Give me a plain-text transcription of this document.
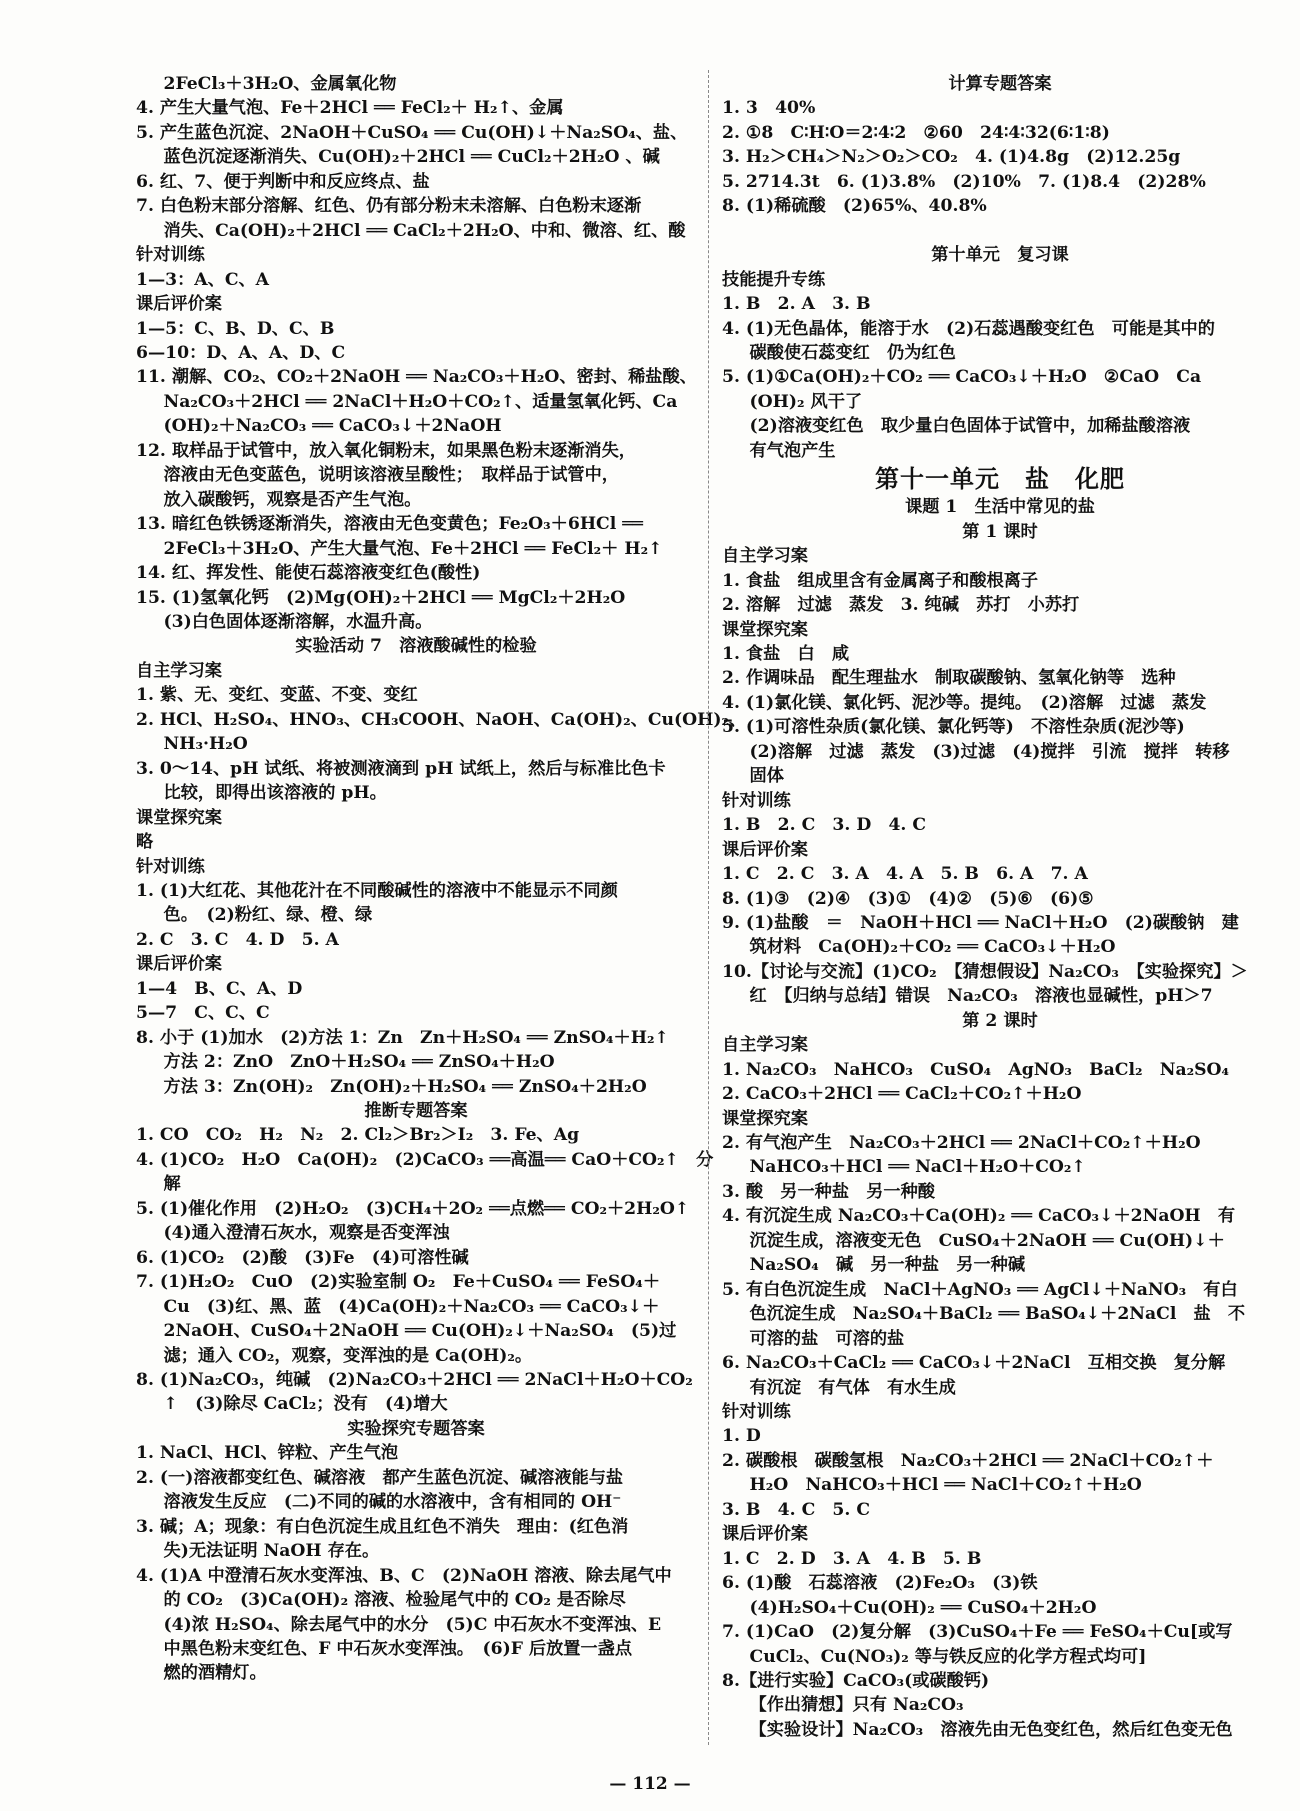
2FeCl₃＋3H₂O、金属氧化物
4. 产生大量气泡、Fe＋2HCl ══ FeCl₂＋ H₂↑、金属
5. 产生蓝色沉淀、2NaOH＋CuSO₄ ══ Cu(OH)↓＋Na₂SO₄、盐、
蓝色沉淀逐渐消失、Cu(OH)₂＋2HCl ══ CuCl₂＋2H₂O 、碱
6. 红、7、便于判断中和反应终点、盐
7. 白色粉末部分溶解、红色、仍有部分粉末未溶解、白色粉末逐渐
消失、Ca(OH)₂＋2HCl ══ CaCl₂＋2H₂O、中和、微溶、红、酸
针对训练
1—3：A、C、A
课后评价案
1—5：C、B、D、C、B
6—10：D、A、A、D、C
11. 潮解、CO₂、CO₂＋2NaOH ══ Na₂CO₃＋H₂O、密封、稀盐酸、
Na₂CO₃＋2HCl ══ 2NaCl＋H₂O＋CO₂↑、适量氢氧化钙、Ca
(OH)₂＋Na₂CO₃ ══ CaCO₃↓＋2NaOH
12. 取样品于试管中，放入氧化铜粉末，如果黑色粉末逐渐消失，
溶液由无色变蓝色，说明该溶液呈酸性；　取样品于试管中，
放入碳酸钙，观察是否产生气泡。
13. 暗红色铁锈逐渐消失，溶液由无色变黄色；Fe₂O₃＋6HCl ══
2FeCl₃＋3H₂O、产生大量气泡、Fe＋2HCl ══ FeCl₂＋ H₂↑
14. 红、挥发性、能使石蕊溶液变红色(酸性)
15. (1)氢氧化钙　(2)Mg(OH)₂＋2HCl ══ MgCl₂＋2H₂O
(3)白色固体逐渐溶解，水温升高。
实验活动 7　溶液酸碱性的检验
自主学习案
1. 紫、无、变红、变蓝、不变、变红
2. HCl、H₂SO₄、HNO₃、CH₃COOH、NaOH、Ca(OH)₂、Cu(OH)₂、
NH₃·H₂O
3. 0～14、pH 试纸、将被测液滴到 pH 试纸上，然后与标准比色卡
比较，即得出该溶液的 pH。
课堂探究案
略
针对训练
1. (1)大红花、其他花汁在不同酸碱性的溶液中不能显示不同颜
色。　(2)粉红、绿、橙、绿
2. C　3. C　4. D　5. A
课后评价案
1—4　B、C、A、D
5—7　C、C、C
8. 小于 (1)加水　(2)方法 1：Zn　Zn＋H₂SO₄ ══ ZnSO₄＋H₂↑
方法 2：ZnO　ZnO＋H₂SO₄ ══ ZnSO₄＋H₂O
方法 3：Zn(OH)₂　Zn(OH)₂＋H₂SO₄ ══ ZnSO₄＋2H₂O
推断专题答案
1. CO　CO₂　H₂　N₂　2. Cl₂＞Br₂＞I₂　3. Fe、Ag
4. (1)CO₂　H₂O　Ca(OH)₂　(2)CaCO₃ ══高温══ CaO＋CO₂↑　分
解
5. (1)催化作用　(2)H₂O₂　(3)CH₄＋2O₂ ══点燃══ CO₂＋2H₂O↑
(4)通入澄清石灰水，观察是否变浑浊
6. (1)CO₂　(2)酸　(3)Fe　(4)可溶性碱
7. (1)H₂O₂　CuO　(2)实验室制 O₂　Fe＋CuSO₄ ══ FeSO₄＋
Cu　(3)红、黑、蓝　(4)Ca(OH)₂＋Na₂CO₃ ══ CaCO₃↓＋
2NaOH、CuSO₄＋2NaOH ══ Cu(OH)₂↓＋Na₂SO₄　(5)过
滤；通入 CO₂，观察，变浑浊的是 Ca(OH)₂。
8. (1)Na₂CO₃，纯碱　(2)Na₂CO₃＋2HCl ══ 2NaCl＋H₂O＋CO₂
↑　(3)除尽 CaCl₂；没有　(4)增大
实验探究专题答案
1. NaCl、HCl、锌粒、产生气泡
2. (一)溶液都变红色、碱溶液　都产生蓝色沉淀、碱溶液能与盐
溶液发生反应　(二)不同的碱的水溶液中，含有相同的 OH⁻
3. 碱；A；现象：有白色沉淀生成且红色不消失　理由：(红色消
失)无法证明 NaOH 存在。
4. (1)A 中澄清石灰水变浑浊、B、C　(2)NaOH 溶液、除去尾气中
的 CO₂　(3)Ca(OH)₂ 溶液、检验尾气中的 CO₂ 是否除尽
(4)浓 H₂SO₄、除去尾气中的水分　(5)C 中石灰水不变浑浊、E
中黑色粉末变红色、F 中石灰水变浑浊。　(6)F 后放置一盏点
燃的酒精灯。
计算专题答案
1. 3　40%
2. ①8　C∶H∶O＝2∶4∶2　②60　24∶4∶32(6∶1∶8)
3. H₂＞CH₄＞N₂＞O₂＞CO₂　4. (1)4.8g　(2)12.25g
5. 2714.3t　6. (1)3.8%　(2)10%　7. (1)8.4　(2)28%
8. (1)稀硫酸　(2)65%、40.8%

第十单元　复习课
技能提升专练
1. B　2. A　3. B
4. (1)无色晶体，能溶于水　(2)石蕊遇酸变红色　可能是其中的
碳酸使石蕊变红　仍为红色
5. (1)①Ca(OH)₂＋CO₂ ══ CaCO₃↓＋H₂O　②CaO　Ca
(OH)₂ 风干了
(2)溶液变红色　取少量白色固体于试管中，加稀盐酸溶液
有气泡产生
第十一单元　盐　化肥
课题 1　生活中常见的盐
第 1 课时
自主学习案
1. 食盐　组成里含有金属离子和酸根离子
2. 溶解　过滤　蒸发　3. 纯碱　苏打　小苏打
课堂探究案
1. 食盐　白　咸
2. 作调味品　配生理盐水　制取碳酸钠、氢氧化钠等　选种
4. (1)氯化镁、氯化钙、泥沙等。提纯。　(2)溶解　过滤　蒸发
5. (1)可溶性杂质(氯化镁、氯化钙等)　不溶性杂质(泥沙等)
(2)溶解　过滤　蒸发　(3)过滤　(4)搅拌　引流　搅拌　转移
固体
针对训练
1. B　2. C　3. D　4. C
课后评价案
1. C　2. C　3. A　4. A　5. B　6. A　7. A
8. (1)③　(2)④　(3)①　(4)②　(5)⑥　(6)⑤
9. (1)盐酸　＝　NaOH＋HCl ══ NaCl＋H₂O　(2)碳酸钠　建
筑材料　Ca(OH)₂＋CO₂ ══ CaCO₃↓＋H₂O
10.【讨论与交流】(1)CO₂　【猜想假设】Na₂CO₃　【实验探究】＞
红　【归纳与总结】错误　Na₂CO₃　溶液也显碱性，pH＞7
第 2 课时
自主学习案
1. Na₂CO₃　NaHCO₃　CuSO₄　AgNO₃　BaCl₂　Na₂SO₄
2. CaCO₃＋2HCl ══ CaCl₂＋CO₂↑＋H₂O
课堂探究案
2. 有气泡产生　Na₂CO₃＋2HCl ══ 2NaCl＋CO₂↑＋H₂O
NaHCO₃＋HCl ══ NaCl＋H₂O＋CO₂↑
3. 酸　另一种盐　另一种酸
4. 有沉淀生成 Na₂CO₃＋Ca(OH)₂ ══ CaCO₃↓＋2NaOH　有
沉淀生成，溶液变无色　CuSO₄＋2NaOH ══ Cu(OH)↓＋
Na₂SO₄　碱　另一种盐　另一种碱
5. 有白色沉淀生成　NaCl＋AgNO₃ ══ AgCl↓＋NaNO₃　有白
色沉淀生成　Na₂SO₄＋BaCl₂ ══ BaSO₄↓＋2NaCl　盐　不
可溶的盐　可溶的盐
6. Na₂CO₃＋CaCl₂ ══ CaCO₃↓＋2NaCl　互相交换　复分解
有沉淀　有气体　有水生成
针对训练
1. D
2. 碳酸根　碳酸氢根　Na₂CO₃＋2HCl ══ 2NaCl＋CO₂↑＋
H₂O　NaHCO₃＋HCl ══ NaCl＋CO₂↑＋H₂O
3. B　4. C　5. C
课后评价案
1. C　2. D　3. A　4. B　5. B
6. (1)酸　石蕊溶液　(2)Fe₂O₃　(3)铁
(4)H₂SO₄＋Cu(OH)₂ ══ CuSO₄＋2H₂O
7. (1)CaO　(2)复分解　(3)CuSO₄＋Fe ══ FeSO₄＋Cu[或写
CuCl₂、Cu(NO₃)₂ 等与铁反应的化学方程式均可]
8.【进行实验】CaCO₃(或碳酸钙)
【作出猜想】只有 Na₂CO₃
【实验设计】Na₂CO₃　溶液先由无色变红色，然后红色变无色
— 112 —
